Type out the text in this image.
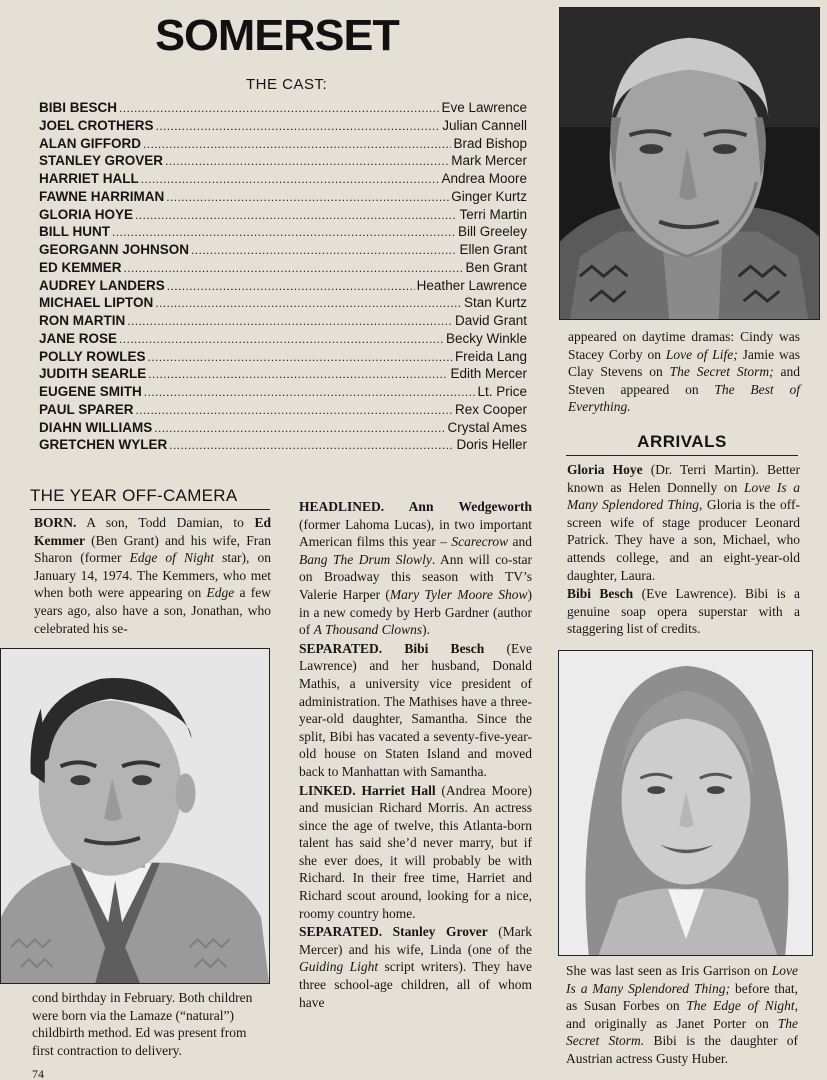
SOMERSET
THE CAST:
BIBI BESCH .....	Eve Lawrence
JOEL CROTHERS .....	Julian Cannell
ALAN GIFFORD .....	Brad Bishop
STANLEY GROVER .....	Mark Mercer
HARRIET HALL .....	Andrea Moore
FAWNE HARRIMAN .....	Ginger Kurtz
GLORIA HOYE .....	Terri Martin
BILL HUNT .....	Bill Greeley
GEORGANN JOHNSON .....	Ellen Grant
ED KEMMER .....	Ben Grant
AUDREY LANDERS .....	Heather Lawrence
MICHAEL LIPTON .....	Stan Kurtz
RON MARTIN .....	David Grant
JANE ROSE .....	Becky Winkle
POLLY ROWLES .....	Freida Lang
JUDITH SEARLE .....	Edith Mercer
EUGENE SMITH .....	Lt. Price
PAUL SPARER .....	Rex Cooper
DIAHN WILLIAMS .....	Crystal Ames
GRETCHEN WYLER .....	Doris Heller
appeared on daytime dramas: Cindy was Stacey Corby on Love of Life; Jamie was Clay Stevens on The Secret Storm; and Steven appeared on The Best of Everything.
ARRIVALS

Gloria Hoye (Dr. Terri Martin). Better known as Helen Donnelly on Love Is a Many Splendored Thing, Gloria is the off-screen wife of stage producer Leonard Patrick. They have a son, Michael, who attends college, and an eight-year-old daughter, Laura.

Bibi Besch (Eve Lawrence). Bibi is a genuine soap opera superstar with a staggering list of credits.

THE YEAR OFF-CAMERA
BORN. A son, Todd Damian, to Ed Kemmer (Ben Grant) and his wife, Fran Sharon (former Edge of Night star), on January 14, 1974. The Kemmers, who met when both were appearing on Edge a few years ago, also have a son, Jonathan, who celebrated his se-
cond birthday in February. Both children were born via the Lamaze (“natural”) childbirth method. Ed was present from first contraction to delivery.
74

HEADLINED. Ann Wedgeworth (former Lahoma Lucas), in two important American films this year – Scarecrow and Bang The Drum Slowly. Ann will co-star on Broadway this season with TV’s Valerie Harper (Mary Tyler Moore Show) in a new comedy by Herb Gardner (author of A Thousand Clowns).

SEPARATED. Bibi Besch (Eve Lawrence) and her husband, Donald Mathis, a university vice president of administration. The Mathises have a three-year-old daughter, Samantha. Since the split, Bibi has vacated a seventy-five-year-old house on Staten Island and moved back to Manhattan with Samantha.

LINKED. Harriet Hall (Andrea Moore) and musician Richard Morris. An actress since the age of twelve, this Atlanta-born talent has said she’d never marry, but if she ever does, it will probably be with Richard. In their free time, Harriet and Richard scout around, looking for a nice, roomy country home.

SEPARATED. Stanley Grover (Mark Mercer) and his wife, Linda (one of the Guiding Light script writers). They have three school-age children, all of whom have

She was last seen as Iris Garrison on Love Is a Many Splendored Thing; before that, as Susan Forbes on The Edge of Night, and originally as Janet Porter on The Secret Storm. Bibi is the daughter of Austrian actress Gusty Huber.
